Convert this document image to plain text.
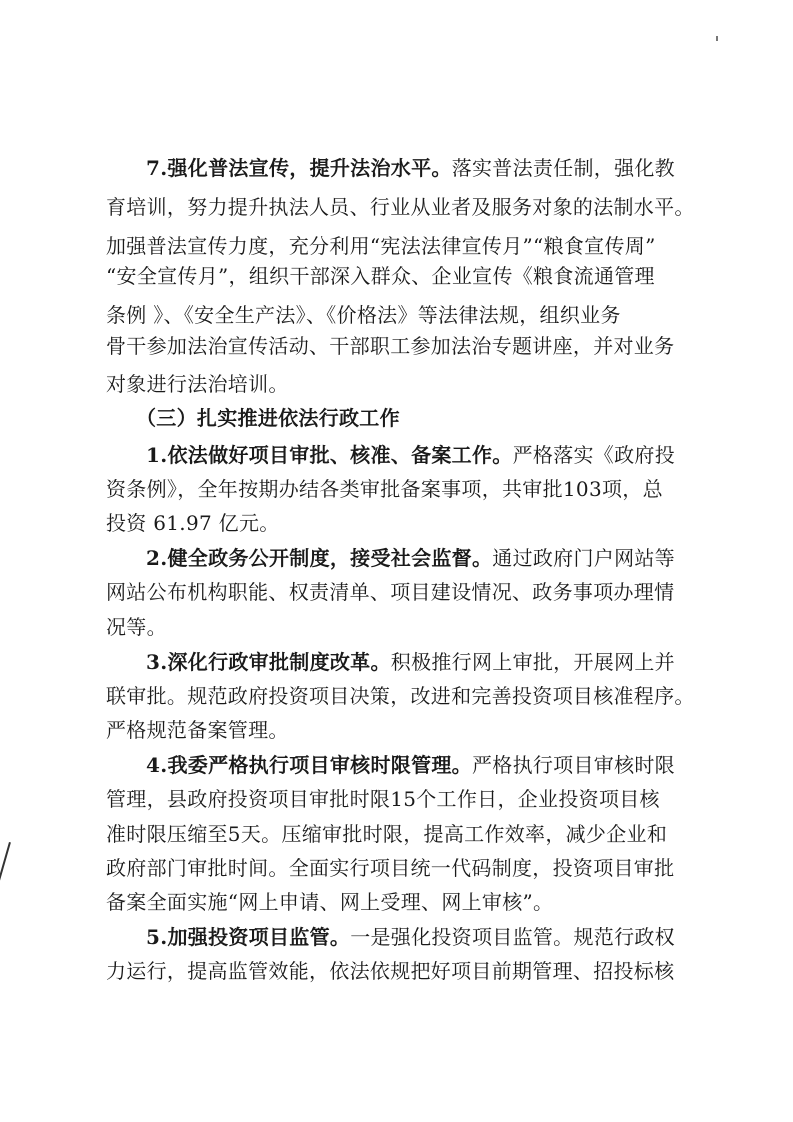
7.强化普法宣传，提升法治水平。落实普法责任制，强化教
育培训，努力提升执法人员、行业从业者及服务对象的法制水平。
加强普法宣传力度，充分利用“宪法法律宣传月”“粮食宣传周”
“安全宣传月”，组织干部深入群众、企业宣传《粮食流通管理
条例 》、《安全生产法》、《价格法》等法律法规，组织业务
骨干参加法治宣传活动、干部职工参加法治专题讲座，并对业务
对象进行法治培训。
（三）扎实推进依法行政工作
1.依法做好项目审批、核准、备案工作。严格落实《政府投
资条例》，全年按期办结各类审批备案事项，共审批103项，总
投资 61.97 亿元。
2.健全政务公开制度，接受社会监督。通过政府门户网站等
网站公布机构职能、权责清单、项目建设情况、政务事项办理情
况等。
3.深化行政审批制度改革。积极推行网上审批，开展网上并
联审批。规范政府投资项目决策，改进和完善投资项目核准程序。
严格规范备案管理。
4.我委严格执行项目审核时限管理。严格执行项目审核时限
管理，县政府投资项目审批时限15个工作日，企业投资项目核
准时限压缩至5天。压缩审批时限，提高工作效率，减少企业和
政府部门审批时间。全面实行项目统一代码制度，投资项目审批
备案全面实施“网上申请、网上受理、网上审核”。
5.加强投资项目监管。一是强化投资项目监管。规范行政权
力运行，提高监管效能，依法依规把好项目前期管理、招投标核
